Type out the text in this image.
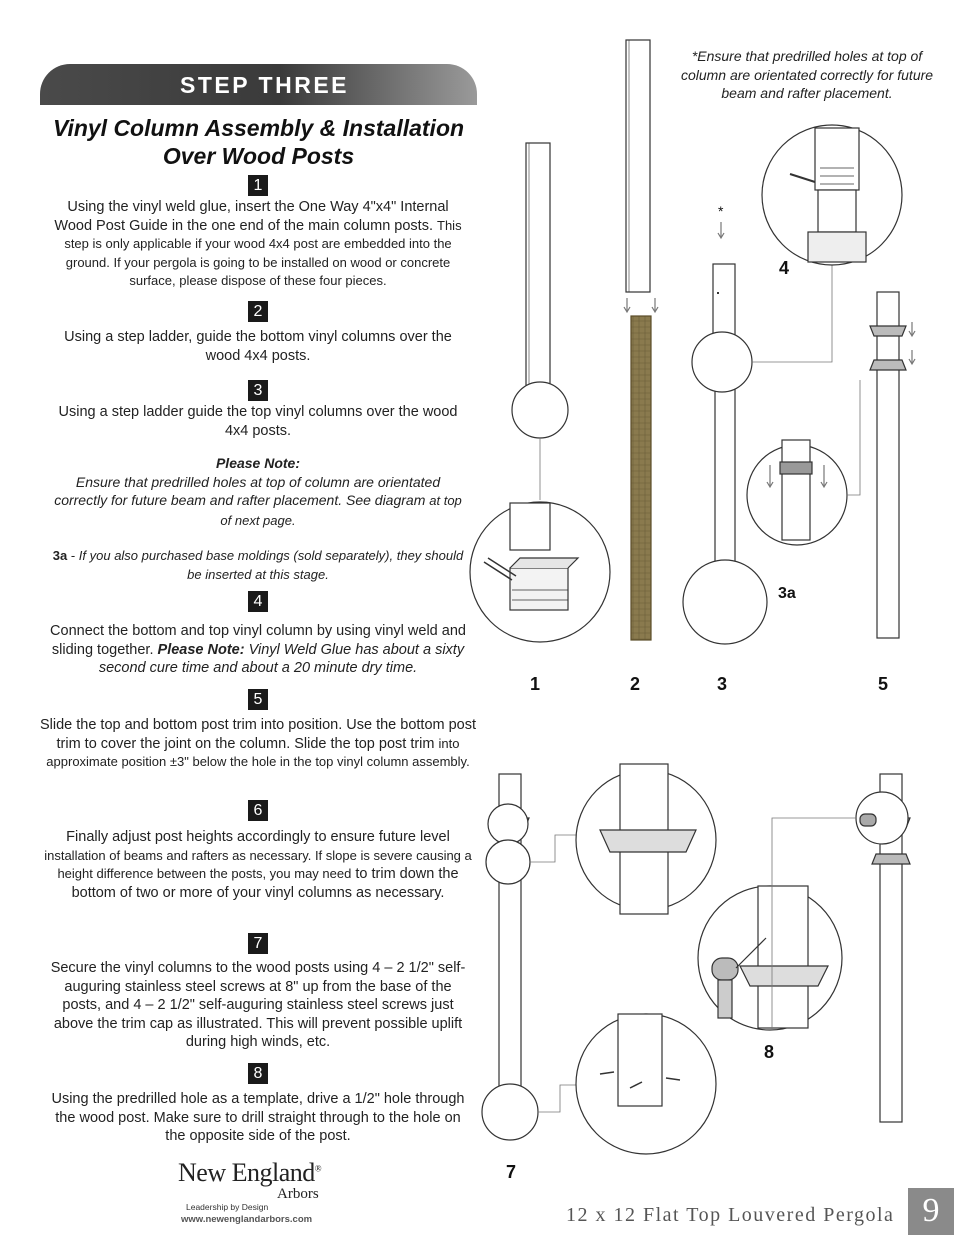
STEP THREE
Vinyl Column Assembly & Installation Over Wood Posts
1
Using the vinyl weld glue, insert the One Way 4"x4" Internal Wood Post Guide in the one end of the main column posts. This step is only applicable if your wood 4x4 post are embedded into the ground. If your pergola is going to be installed on wood or concrete surface, please dispose of these four pieces.
2
Using a step ladder, guide the bottom vinyl columns over the wood 4x4 posts.
3
Using a step ladder guide the top vinyl columns over the wood 4x4 posts.
Please Note:
Ensure that predrilled holes at top of column are orientated correctly for future beam and rafter placement. See diagram at top of next page.
3a - If you also purchased base moldings (sold separately), they should be inserted at this stage.
4
Connect the bottom and top vinyl column by using vinyl weld and sliding together. Please Note: Vinyl Weld Glue has about a sixty second cure time and about a 20 minute dry time.
5
Slide the top and bottom post trim into position. Use the bottom post trim to cover the joint on the column. Slide the top post trim into approximate position ±3" below the hole in the top vinyl column assembly.
6
Finally adjust post heights accordingly to ensure future level installation of beams and rafters as necessary. If slope is severe causing a height difference between the posts, you may need to trim down the bottom of two or more of your vinyl columns as necessary.
7
Secure the vinyl columns to the wood posts using 4 – 2 1/2" self-auguring stainless steel screws at 8" up from the base of the posts, and 4 – 2 1/2" self-auguring stainless steel screws just above the trim cap as illustrated. This will prevent possible uplift during high winds, etc.
8
Using the predrilled hole as a template, drive a 1/2" hole through the wood post. Make sure to drill straight through to the hole on the opposite side of the post.
New England®
Arbors
Leadership by Design
www.newenglandarbors.com	12 x 12 Flat Top Louvered Pergola 9
*Ensure that predrilled holes at top of column are orientated correctly for future beam and rafter placement.
*
4
3a
1	2	3	5
8
7
